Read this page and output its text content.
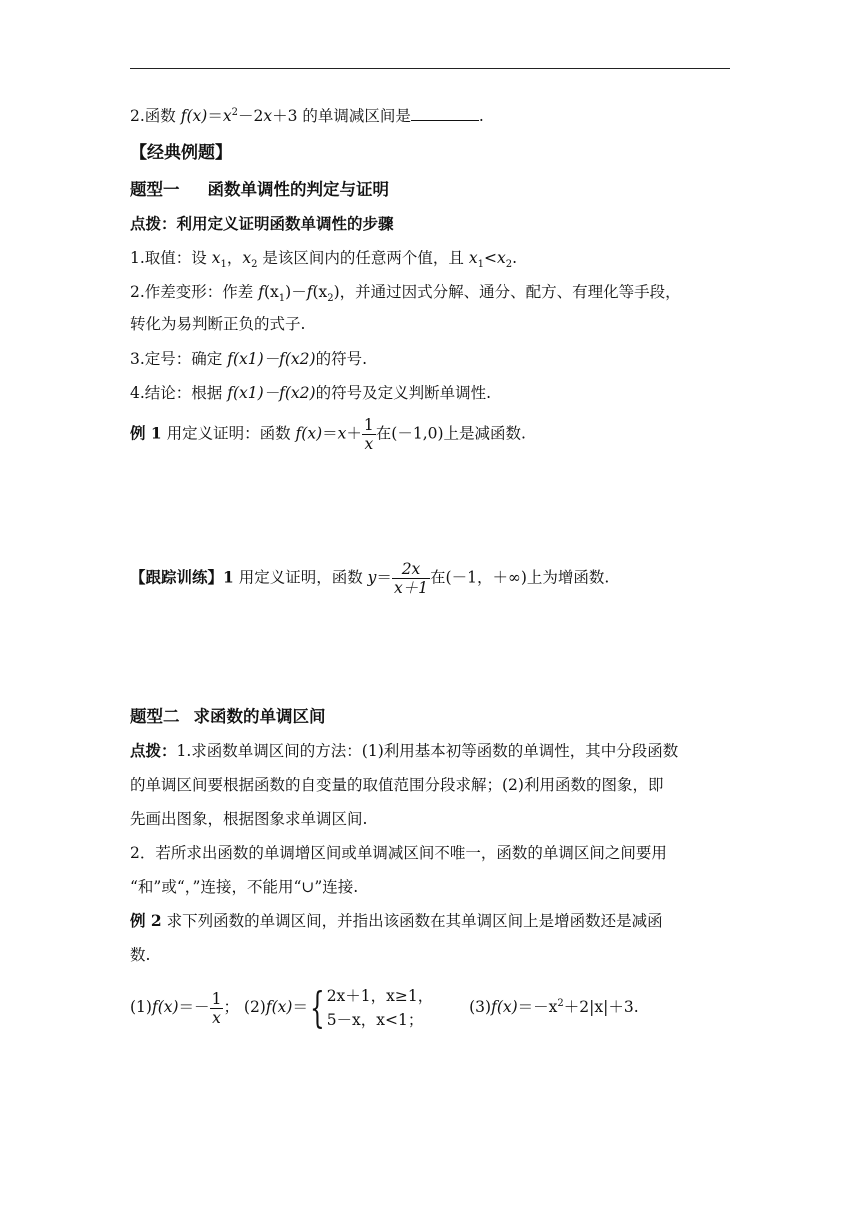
2.函数 $f(x)=x^2-2x+3$ 的单调减区间是	.
【经典例题】
题型一 函数单调性的判定与证明
点拨：利用定义证明函数单调性的步骤
1.取值：设 $x_1$，$x_2$ 是该区间内的任意两个值，且 $x_1<x_2$.
2.作差变形：作差 $f(x_1)-f(x_2)$，并通过因式分解、通分、配方、有理化等手段，
转化为易判断正负的式子.
3.定号：确定 f(x1)－f(x2)的符号.
4.结论：根据 f(x1)－f(x2)的符号及定义判断单调性.
例 1 用定义证明：函数 $f(x)=x+ \frac{1}{x}$ 在(－1,0)上是减函数.
【跟踪训练】1 用定义证明，函数 $y= \frac{2x}{x+1}$ 在(－1，＋∞)上为增函数.
题型二 求函数的单调区间
点拨：1.求函数单调区间的方法：(1)利用基本初等函数的单调性，其中分段函数
的单调区间要根据函数的自变量的取值范围分段求解；(2)利用函数的图象，即
先画出图象，根据图象求单调区间.
2．若所求出函数的单调增区间或单调减区间不唯一，函数的单调区间之间要用
“和”或“，”连接，不能用“∪”连接.
例 2 求下列函数的单调区间，并指出该函数在其单调区间上是增函数还是减函
数.
$(1)f(x)=- \frac{1}{x}$ ； (2)f(x)＝{ 2x＋1，x≥1，
5－x，x<1；
$(3)f(x)=-x^2+2|x|+3$.
